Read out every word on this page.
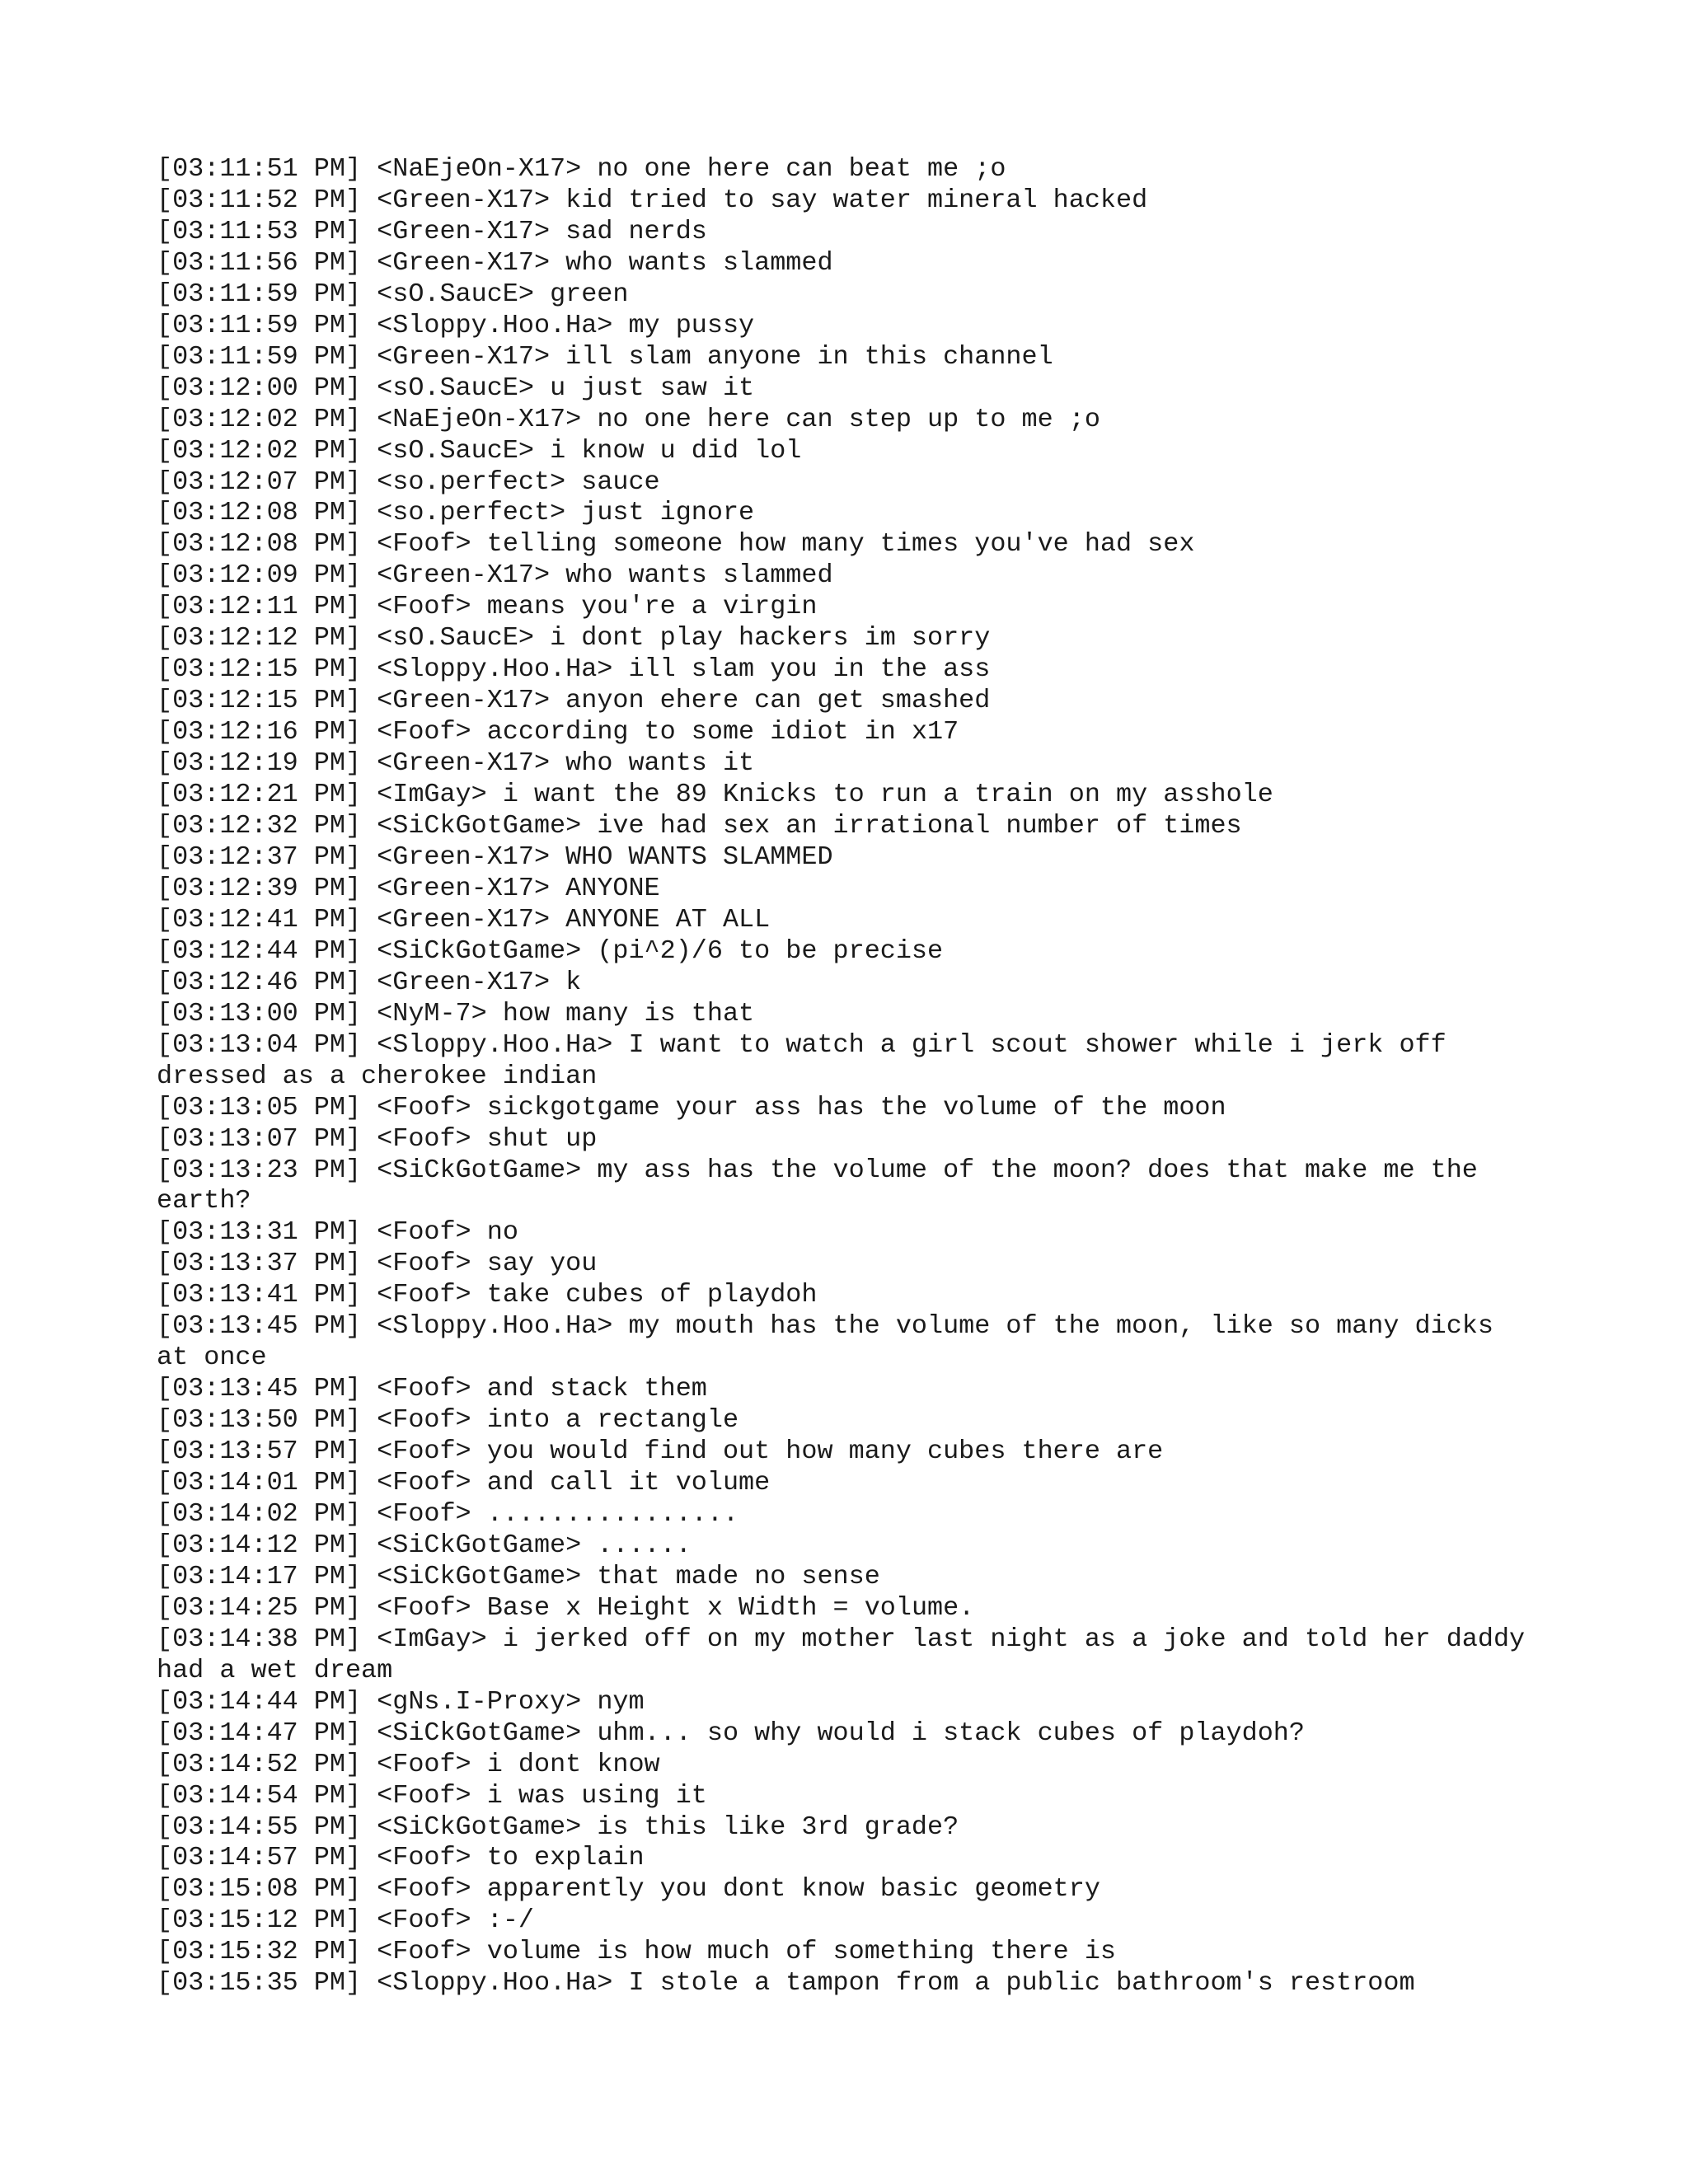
[03:11:51 PM] <NaEjeOn-X17> no one here can beat me ;o
[03:11:52 PM] <Green-X17> kid tried to say water mineral hacked
[03:11:53 PM] <Green-X17> sad nerds
[03:11:56 PM] <Green-X17> who wants slammed
[03:11:59 PM] <sO.SaucE> green
[03:11:59 PM] <Sloppy.Hoo.Ha> my pussy
[03:11:59 PM] <Green-X17> ill slam anyone in this channel
[03:12:00 PM] <sO.SaucE> u just saw it
[03:12:02 PM] <NaEjeOn-X17> no one here can step up to me ;o
[03:12:02 PM] <sO.SaucE> i know u did lol
[03:12:07 PM] <so.perfect> sauce
[03:12:08 PM] <so.perfect> just ignore
[03:12:08 PM] <Foof> telling someone how many times you've had sex
[03:12:09 PM] <Green-X17> who wants slammed
[03:12:11 PM] <Foof> means you're a virgin
[03:12:12 PM] <sO.SaucE> i dont play hackers im sorry
[03:12:15 PM] <Sloppy.Hoo.Ha> ill slam you in the ass
[03:12:15 PM] <Green-X17> anyon ehere can get smashed
[03:12:16 PM] <Foof> according to some idiot in x17
[03:12:19 PM] <Green-X17> who wants it
[03:12:21 PM] <ImGay> i want the 89 Knicks to run a train on my asshole
[03:12:32 PM] <SiCkGotGame> ive had sex an irrational number of times
[03:12:37 PM] <Green-X17> WHO WANTS SLAMMED
[03:12:39 PM] <Green-X17> ANYONE
[03:12:41 PM] <Green-X17> ANYONE AT ALL
[03:12:44 PM] <SiCkGotGame> (pi^2)/6 to be precise
[03:12:46 PM] <Green-X17> k
[03:13:00 PM] <NyM-7> how many is that
[03:13:04 PM] <Sloppy.Hoo.Ha> I want to watch a girl scout shower while i jerk off dressed as a cherokee indian
[03:13:05 PM] <Foof> sickgotgame your ass has the volume of the moon
[03:13:07 PM] <Foof> shut up
[03:13:23 PM] <SiCkGotGame> my ass has the volume of the moon? does that make me the earth?
[03:13:31 PM] <Foof> no
[03:13:37 PM] <Foof> say you
[03:13:41 PM] <Foof> take cubes of playdoh
[03:13:45 PM] <Sloppy.Hoo.Ha> my mouth has the volume of the moon, like so many dicks at once
[03:13:45 PM] <Foof> and stack them
[03:13:50 PM] <Foof> into a rectangle
[03:13:57 PM] <Foof> you would find out how many cubes there are
[03:14:01 PM] <Foof> and call it volume
[03:14:02 PM] <Foof> ................
[03:14:12 PM] <SiCkGotGame> ......
[03:14:17 PM] <SiCkGotGame> that made no sense
[03:14:25 PM] <Foof> Base x Height x Width = volume.
[03:14:38 PM] <ImGay> i jerked off on my mother last night as a joke and told her daddy had a wet dream
[03:14:44 PM] <gNs.I-Proxy> nym
[03:14:47 PM] <SiCkGotGame> uhm... so why would i stack cubes of playdoh?
[03:14:52 PM] <Foof> i dont know
[03:14:54 PM] <Foof> i was using it
[03:14:55 PM] <SiCkGotGame> is this like 3rd grade?
[03:14:57 PM] <Foof> to explain
[03:15:08 PM] <Foof> apparently you dont know basic geometry
[03:15:12 PM] <Foof> :-/
[03:15:32 PM] <Foof> volume is how much of something there is
[03:15:35 PM] <Sloppy.Hoo.Ha> I stole a tampon from a public bathroom's restroom
